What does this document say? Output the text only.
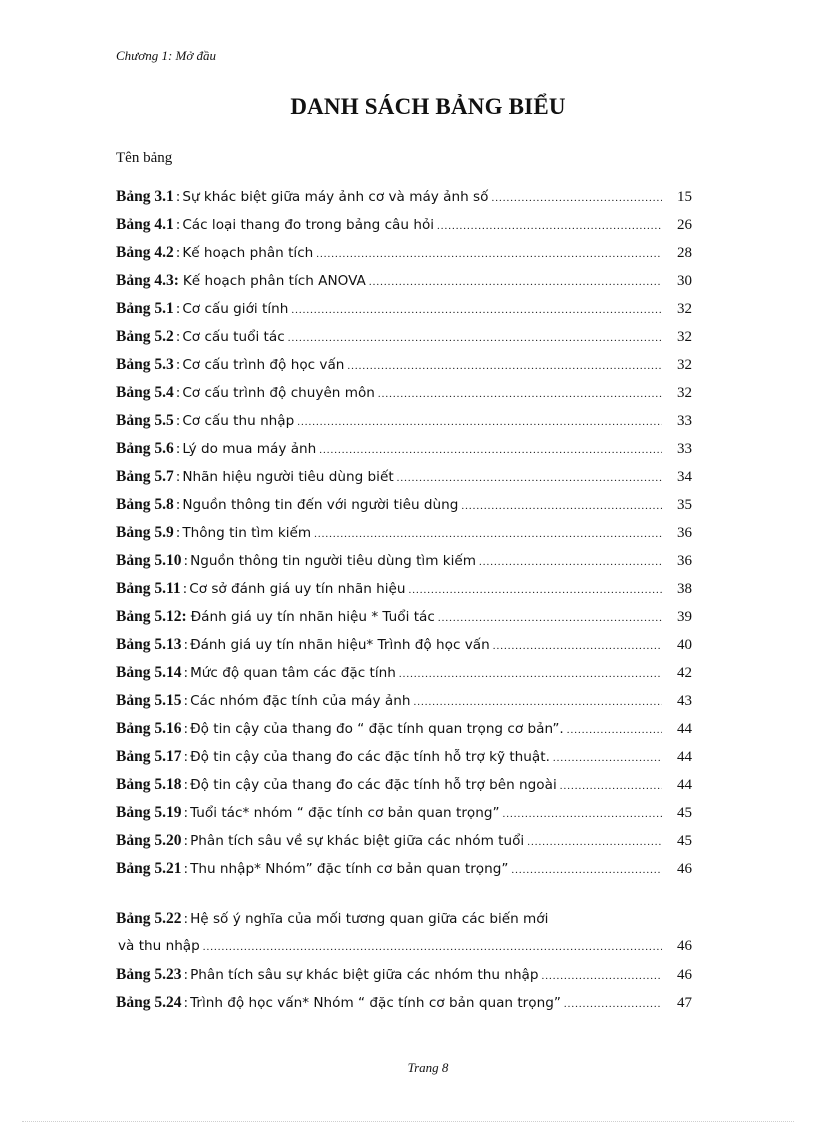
Chương 1: Mở đầu
DANH SÁCH BẢNG BIỂU
Tên bảng
Bảng 3.1 : Sự khác biệt giữa máy ảnh cơ và máy ảnh số .....	15
Bảng 4.1 : Các loại thang đo trong bảng câu hỏi .....	26
Bảng 4.2 : Kế hoạch phân tích .....	28
Bảng 4.3: Kế hoạch phân tích ANOVA .....	30
Bảng 5.1 : Cơ cấu giới tính .....	32
Bảng 5.2 : Cơ cấu tuổi tác .....	32
Bảng 5.3 : Cơ cấu trình độ học vấn .....	32
Bảng 5.4 : Cơ cấu trình độ chuyên môn .....	32
Bảng 5.5 : Cơ cấu thu nhập .....	33
Bảng 5.6 : Lý do mua máy ảnh .....	33
Bảng 5.7 : Nhãn hiệu người tiêu dùng biết .....	34
Bảng 5.8 : Nguồn thông tin đến với người tiêu dùng .....	35
Bảng 5.9 : Thông tin tìm kiếm .....	36
Bảng 5.10 : Nguồn thông tin người tiêu dùng tìm kiếm .....	36
Bảng 5.11 : Cơ sở đánh giá uy tín nhãn hiệu .....	38
Bảng 5.12: Đánh giá uy tín nhãn hiệu * Tuổi tác .....	39
Bảng 5.13 : Đánh giá uy tín nhãn hiệu* Trình độ học vấn .....	40
Bảng 5.14 : Mức độ quan tâm các đặc tính .....	42
Bảng 5.15 : Các nhóm đặc tính của máy ảnh .....	43
Bảng 5.16 : Độ tin cậy của thang đo “ đặc tính quan trọng cơ bản”. .....	44
Bảng 5.17 : Độ tin cậy của thang đo các đặc tính hỗ trợ kỹ thuật. .....	44
Bảng 5.18 : Độ tin cậy của thang đo các đặc tính hỗ trợ bên ngoài .....	44
Bảng 5.19 : Tuổi tác* nhóm “ đặc tính cơ bản quan trọng” .....	45
Bảng 5.20 : Phân tích sâu về sự khác biệt giữa các nhóm tuổi .....	45
Bảng 5.21 : Thu nhập* Nhóm” đặc tính cơ bản quan trọng” .....	46
Bảng 5.22 : Hệ số ý nghĩa của mối tương quan giữa các biến mới
và thu nhập .....	46
Bảng 5.23 : Phân tích sâu sự khác biệt giữa các nhóm thu nhập .....	46
Bảng 5.24 : Trình độ học vấn* Nhóm “ đặc tính cơ bản quan trọng” .....	47
Trang 8
